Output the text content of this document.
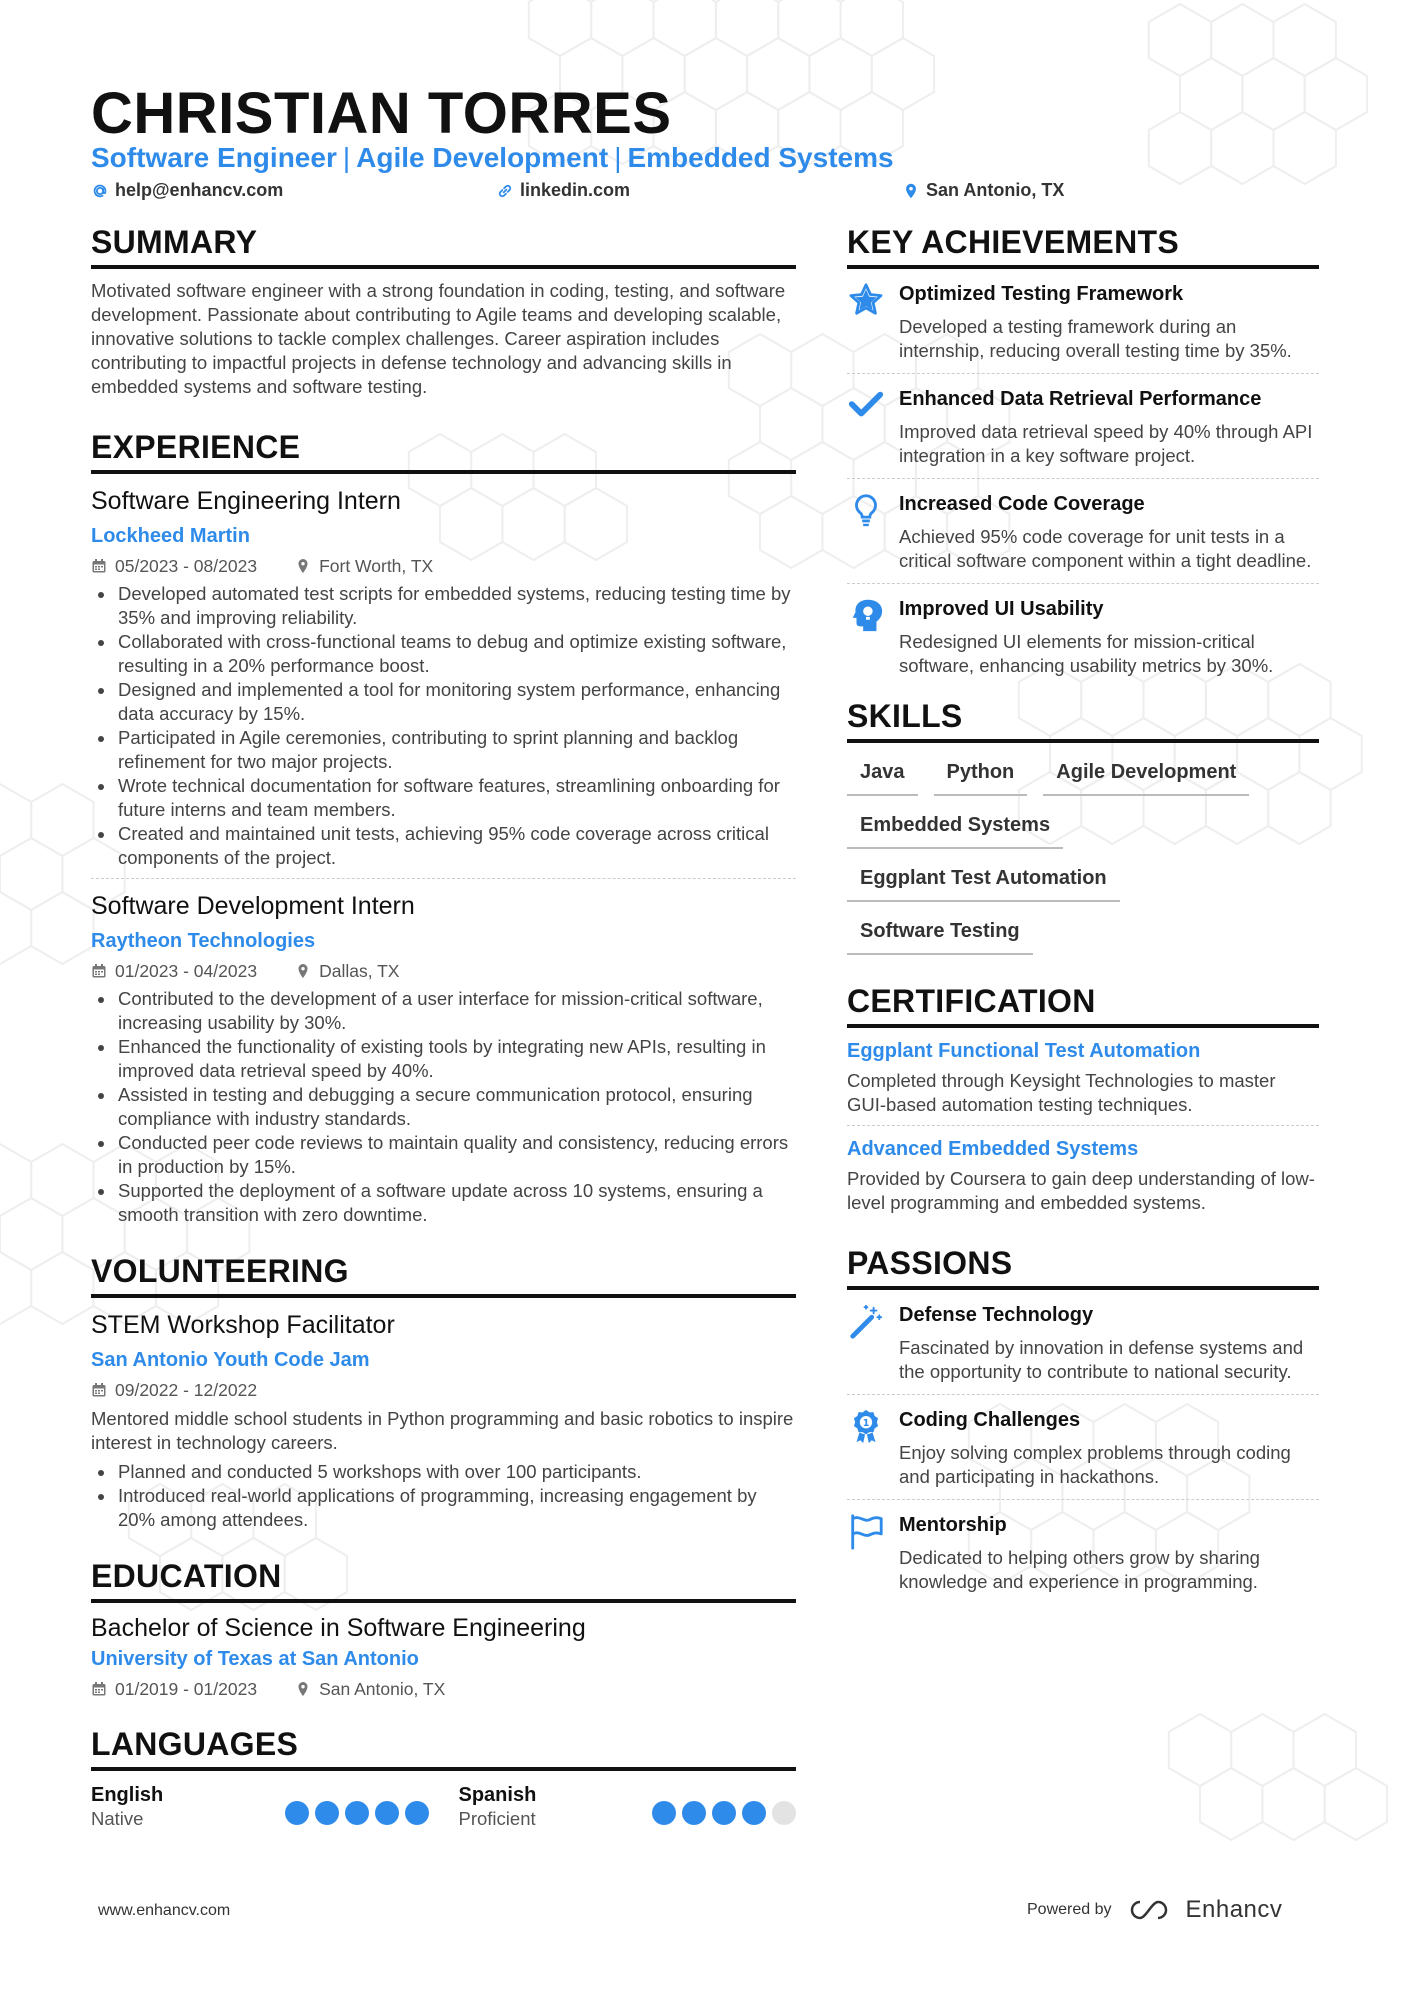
CHRISTIAN TORRES
Software Engineer | Agile Development | Embedded Systems
help@enhancv.com	linkedin.com	San Antonio, TX
SUMMARY
Motivated software engineer with a strong foundation in coding, testing, and software development. Passionate about contributing to Agile teams and developing scalable, innovative solutions to tackle complex challenges. Career aspiration includes contributing to impactful projects in defense technology and advancing skills in embedded systems and software testing.
EXPERIENCE
Software Engineering Intern
Lockheed Martin
05/2023 - 08/2023	Fort Worth, TX
Developed automated test scripts for embedded systems, reducing testing time by 35% and improving reliability.
Collaborated with cross-functional teams to debug and optimize existing software, resulting in a 20% performance boost.
Designed and implemented a tool for monitoring system performance, enhancing data accuracy by 15%.
Participated in Agile ceremonies, contributing to sprint planning and backlog refinement for two major projects.
Wrote technical documentation for software features, streamlining onboarding for future interns and team members.
Created and maintained unit tests, achieving 95% code coverage across critical components of the project.
Software Development Intern
Raytheon Technologies
01/2023 - 04/2023	Dallas, TX
Contributed to the development of a user interface for mission-critical software, increasing usability by 30%.
Enhanced the functionality of existing tools by integrating new APIs, resulting in improved data retrieval speed by 40%.
Assisted in testing and debugging a secure communication protocol, ensuring compliance with industry standards.
Conducted peer code reviews to maintain quality and consistency, reducing errors in production by 15%.
Supported the deployment of a software update across 10 systems, ensuring a smooth transition with zero downtime.
VOLUNTEERING
STEM Workshop Facilitator
San Antonio Youth Code Jam
09/2022 - 12/2022
Mentored middle school students in Python programming and basic robotics to inspire interest in technology careers.
Planned and conducted 5 workshops with over 100 participants.
Introduced real-world applications of programming, increasing engagement by 20% among attendees.
EDUCATION
Bachelor of Science in Software Engineering
University of Texas at San Antonio
01/2019 - 01/2023	San Antonio, TX
LANGUAGES
English
Native
Spanish
Proficient
KEY ACHIEVEMENTS
Optimized Testing Framework
Developed a testing framework during an internship, reducing overall testing time by 35%.
Enhanced Data Retrieval Performance
Improved data retrieval speed by 40% through API integration in a key software project.
Increased Code Coverage
Achieved 95% code coverage for unit tests in a critical software component within a tight deadline.
Improved UI Usability
Redesigned UI elements for mission-critical software, enhancing usability metrics by 30%.
SKILLS
Java	Python	Agile Development
Embedded Systems
Eggplant Test Automation
Software Testing
CERTIFICATION
Eggplant Functional Test Automation
Completed through Keysight Technologies to master GUI-based automation testing techniques.
Advanced Embedded Systems
Provided by Coursera to gain deep understanding of low-level programming and embedded systems.
PASSIONS
Defense Technology
Fascinated by innovation in defense systems and the opportunity to contribute to national security.
1 Coding Challenges
Enjoy solving complex problems through coding and participating in hackathons.
Mentorship
Dedicated to helping others grow by sharing knowledge and experience in programming.
www.enhancv.com	Powered by	Enhancv
